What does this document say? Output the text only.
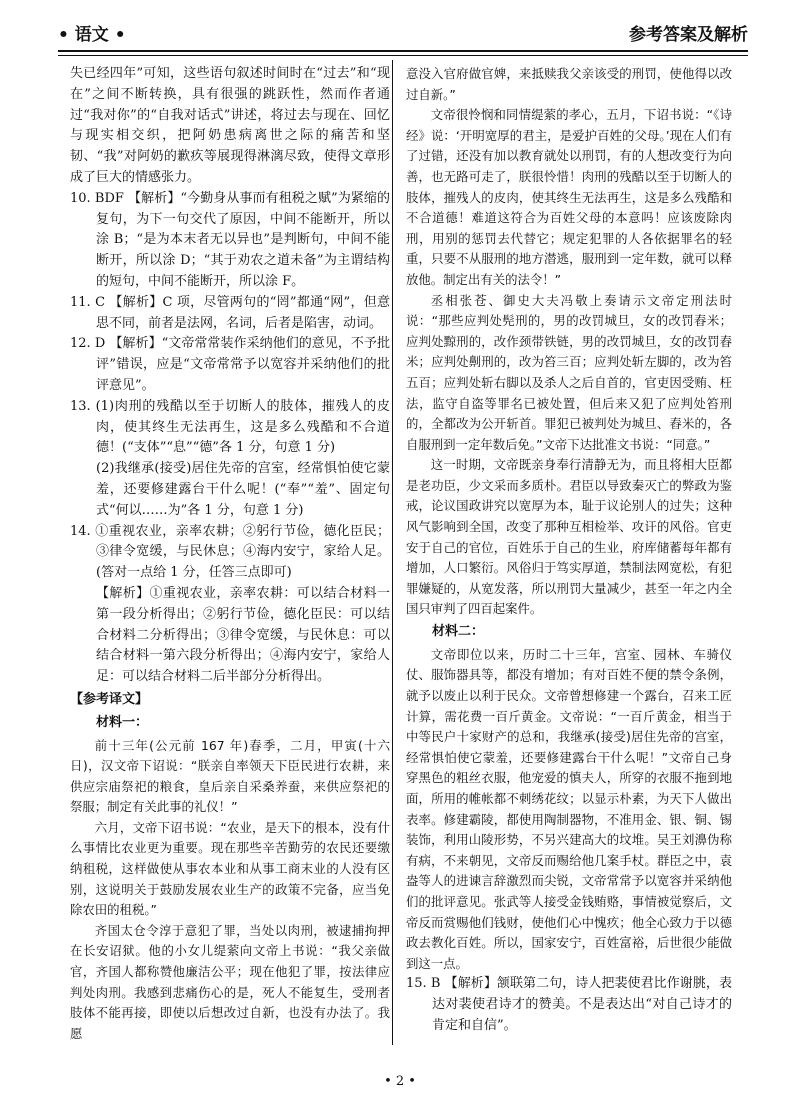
• 语文 •	参考答案及解析

失已经四年”可知，这些语句叙述时间时在“过去”和“现在”之间不断转换，具有很强的跳跃性，然而作者通过“我对你”的“自我对话式”讲述，将过去与现在、回忆与现实相交织，把阿奶患病离世之际的痛苦和坚韧、“我”对阿奶的歉疚等展现得淋漓尽致，使得文章形成了巨大的情感张力。

10. BDF 【解析】“今勤身从事而有租税之赋”为紧缩的复句，为下一句交代了原因，中间不能断开，所以涂 B；“是为本末者无以异也”是判断句，中间不能断开，所以涂 D；“其于劝农之道未备”为主谓结构的短句，中间不能断开，所以涂 F。

11. C 【解析】C 项，尽管两句的“罔”都通“网”，但意思不同，前者是法网，名词，后者是陷害，动词。

12. D 【解析】“文帝常常装作采纳他们的意见，不予批评”错误，应是“文帝常常予以宽容并采纳他们的批评意见”。

13. (1)肉刑的残酷以至于切断人的肢体，摧残人的皮肉，使其终生无法再生，这是多么残酷和不合道德！(“支体”“息”“德”各 1 分，句意 1 分)

(2)我继承(接受)居住先帝的宫室，经常惧怕使它蒙羞，还要修建露台干什么呢！(“奉”“羞”、固定句式“何以……为”各 1 分，句意 1 分)

14. ①重视农业，亲率农耕；②躬行节俭，德化臣民；③律令宽缓，与民休息；④海内安宁，家给人足。(答对一点给 1 分，任答三点即可)

【解析】①重视农业，亲率农耕：可以结合材料一第一段分析得出；②躬行节俭，德化臣民：可以结合材料二分析得出；③律令宽缓，与民休息：可以结合材料一第六段分析得出；④海内安宁，家给人足：可以结合材料二后半部分分析得出。

【参考译文】

材料一：

前十三年(公元前 167 年)春季，二月，甲寅(十六日)，汉文帝下诏说：“朕亲自率领天下臣民进行农耕，来供应宗庙祭祀的粮食，皇后亲自采桑养蚕，来供应祭祀的祭服；制定有关此事的礼仪！”

六月，文帝下诏书说：“农业，是天下的根本，没有什么事情比农业更为重要。现在那些辛苦勤劳的农民还要缴纳租税，这样做使从事农本业和从事工商末业的人没有区别，这说明关于鼓励发展农业生产的政策不完备，应当免除农田的租税。”

齐国太仓令淳于意犯了罪，当处以肉刑，被逮捕拘押在长安诏狱。他的小女儿缇萦向文帝上书说：“我父亲做官，齐国人都称赞他廉洁公平；现在他犯了罪，按法律应判处肉刑。我感到悲痛伤心的是，死人不能复生，受刑者肢体不能再接，即使以后想改过自新，也没有办法了。我愿

意没入官府做官婢，来抵赎我父亲该受的刑罚，使他得以改过自新。”

文帝很怜悯和同情缇萦的孝心，五月，下诏书说：“《诗经》说：‘开明宽厚的君主，是爱护百姓的父母。’现在人们有了过错，还没有加以教育就处以刑罚，有的人想改变行为向善，也无路可走了，朕很怜惜！肉刑的残酷以至于切断人的肢体，摧残人的皮肉，使其终生无法再生，这是多么残酷和不合道德！难道这符合为百姓父母的本意吗！应该废除肉刑，用别的惩罚去代替它；规定犯罪的人各依据罪名的轻重，只要不从服刑的地方潜逃，服刑到一定年数，就可以释放他。制定出有关的法令！”

丞相张苍、御史大夫冯敬上奏请示文帝定刑法时说：“那些应判处髡刑的，男的改罚城旦，女的改罚舂米；应判处黥刑的，改作颈带铁链，男的改罚城旦，女的改罚舂米；应判处劓刑的，改为笞三百；应判处斩左脚的，改为笞五百；应判处斩右脚以及杀人之后自首的，官吏因受贿、枉法，监守自盗等罪名已被处置，但后来又犯了应判处笞刑的，全都改为公开斩首。罪犯已被判处为城旦、舂米的，各自服刑到一定年数后免。”文帝下达批准文书说：“同意。”

这一时期，文帝既亲身奉行清静无为，而且将相大臣都是老功臣，少文采而多质朴。君臣以导致秦灭亡的弊政为鉴戒，论议国政讲究以宽厚为本，耻于议论别人的过失；这种风气影响到全国，改变了那种互相检举、攻讦的风俗。官吏安于自己的官位，百姓乐于自己的生业，府库储蓄每年都有增加，人口繁衍。风俗归于笃实厚道，禁制法网宽松，有犯罪嫌疑的，从宽发落，所以刑罚大量减少，甚至一年之内全国只审判了四百起案件。

材料二：

文帝即位以来，历时二十三年，宫室、园林、车骑仪仗、服饰器具等，都没有增加；有对百姓不便的禁令条例，就予以废止以利于民众。文帝曾想修建一个露台，召来工匠计算，需花费一百斤黄金。文帝说：“一百斤黄金，相当于中等民户十家财产的总和，我继承(接受)居住先帝的宫室，经常惧怕使它蒙羞，还要修建露台干什么呢！”文帝自己身穿黑色的粗丝衣服，他宠爱的慎夫人，所穿的衣服不拖到地面，所用的帷帐都不刺绣花纹；以显示朴素，为天下人做出表率。修建霸陵，都使用陶制器物，不准用金、银、铜、锡装饰，利用山陵形势，不另兴建高大的坟堆。吴王刘濞伪称有病，不来朝见，文帝反而赐给他几案手杖。群臣之中，袁盎等人的进谏言辞激烈而尖锐，文帝常常予以宽容并采纳他们的批评意见。张武等人接受金钱贿赂，事情被觉察后，文帝反而赏赐他们钱财，使他们心中愧疚；他全心致力于以德政去教化百姓。所以，国家安宁，百姓富裕，后世很少能做到这一点。

15. B 【解析】颔联第二句，诗人把裴使君比作谢朓，表达对裴使君诗才的赞美。不是表达出“对自己诗才的肯定和自信”。

• 2 •
